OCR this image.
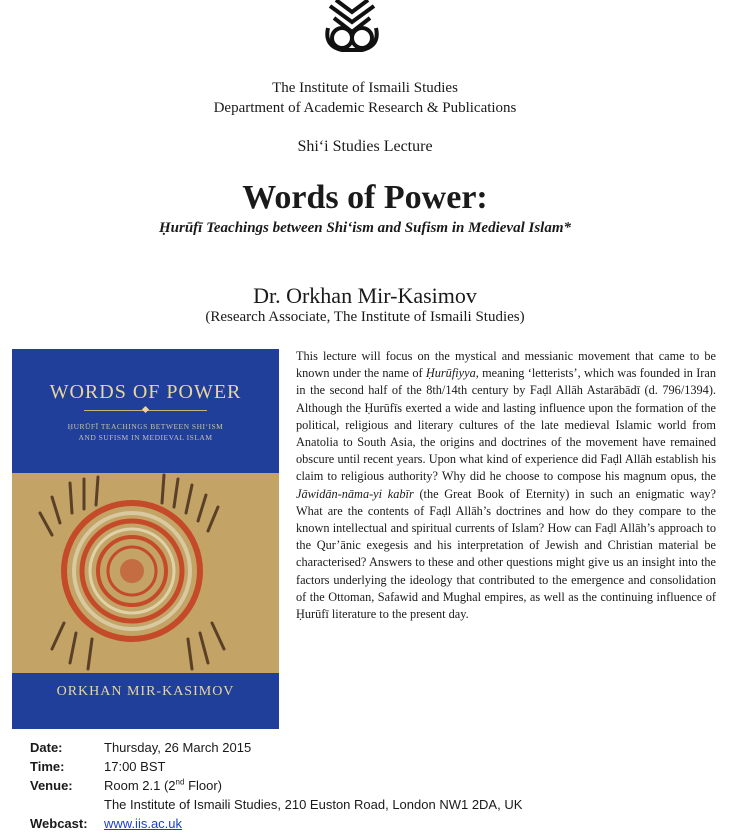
The Institute of Ismaili Studies
Department of Academic Research & Publications
Shi‘i Studies Lecture
Words of Power:
Ḥurūfī Teachings between Shi‘ism and Sufism in Medieval Islam*
Dr. Orkhan Mir-Kasimov
(Research Associate, The Institute of Ismaili Studies)
WORDS OF POWER
ḤURŪFĪ TEACHINGS BETWEEN SHI‘ISM
AND SUFISM IN MEDIEVAL ISLAM
ORKHAN MIR-KASIMOV
This lecture will focus on the mystical and messianic movement that came to be known under the name of Ḥurūfiyya, meaning ‘letterists’, which was founded in Iran in the second half of the 8th/14th century by Faḍl Allāh Astarābādī (d. 796/1394). Although the Ḥurūfīs exerted a wide and lasting influence upon the formation of the political, religious and literary cultures of the late medieval Islamic world from Anatolia to South Asia, the origins and doctrines of the movement have remained obscure until recent years. Upon what kind of experience did Faḍl Allāh establish his claim to religious authority? Why did he choose to compose his magnum opus, the Jāwidān-nāma-yi kabīr (the Great Book of Eternity) in such an enigmatic way? What are the contents of Faḍl Allāh’s doctrines and how do they compare to the known intellectual and spiritual currents of Islam? How can Faḍl Allāh’s approach to the Qur’ānic exegesis and his interpretation of Jewish and Christian material be characterised? Answers to these and other questions might give us an insight into the factors underlying the ideology that contributed to the emergence and consolidation of the Ottoman, Safawid and Mughal empires, as well as the continuing influence of Ḥurūfī literature to the present day.
Date:	Thursday, 26 March 2015
Time:	17:00 BST
Venue:	Room 2.1 (2nd Floor)
The Institute of Ismaili Studies, 210 Euston Road, London NW1 2DA, UK
Webcast:	www.iis.ac.uk
